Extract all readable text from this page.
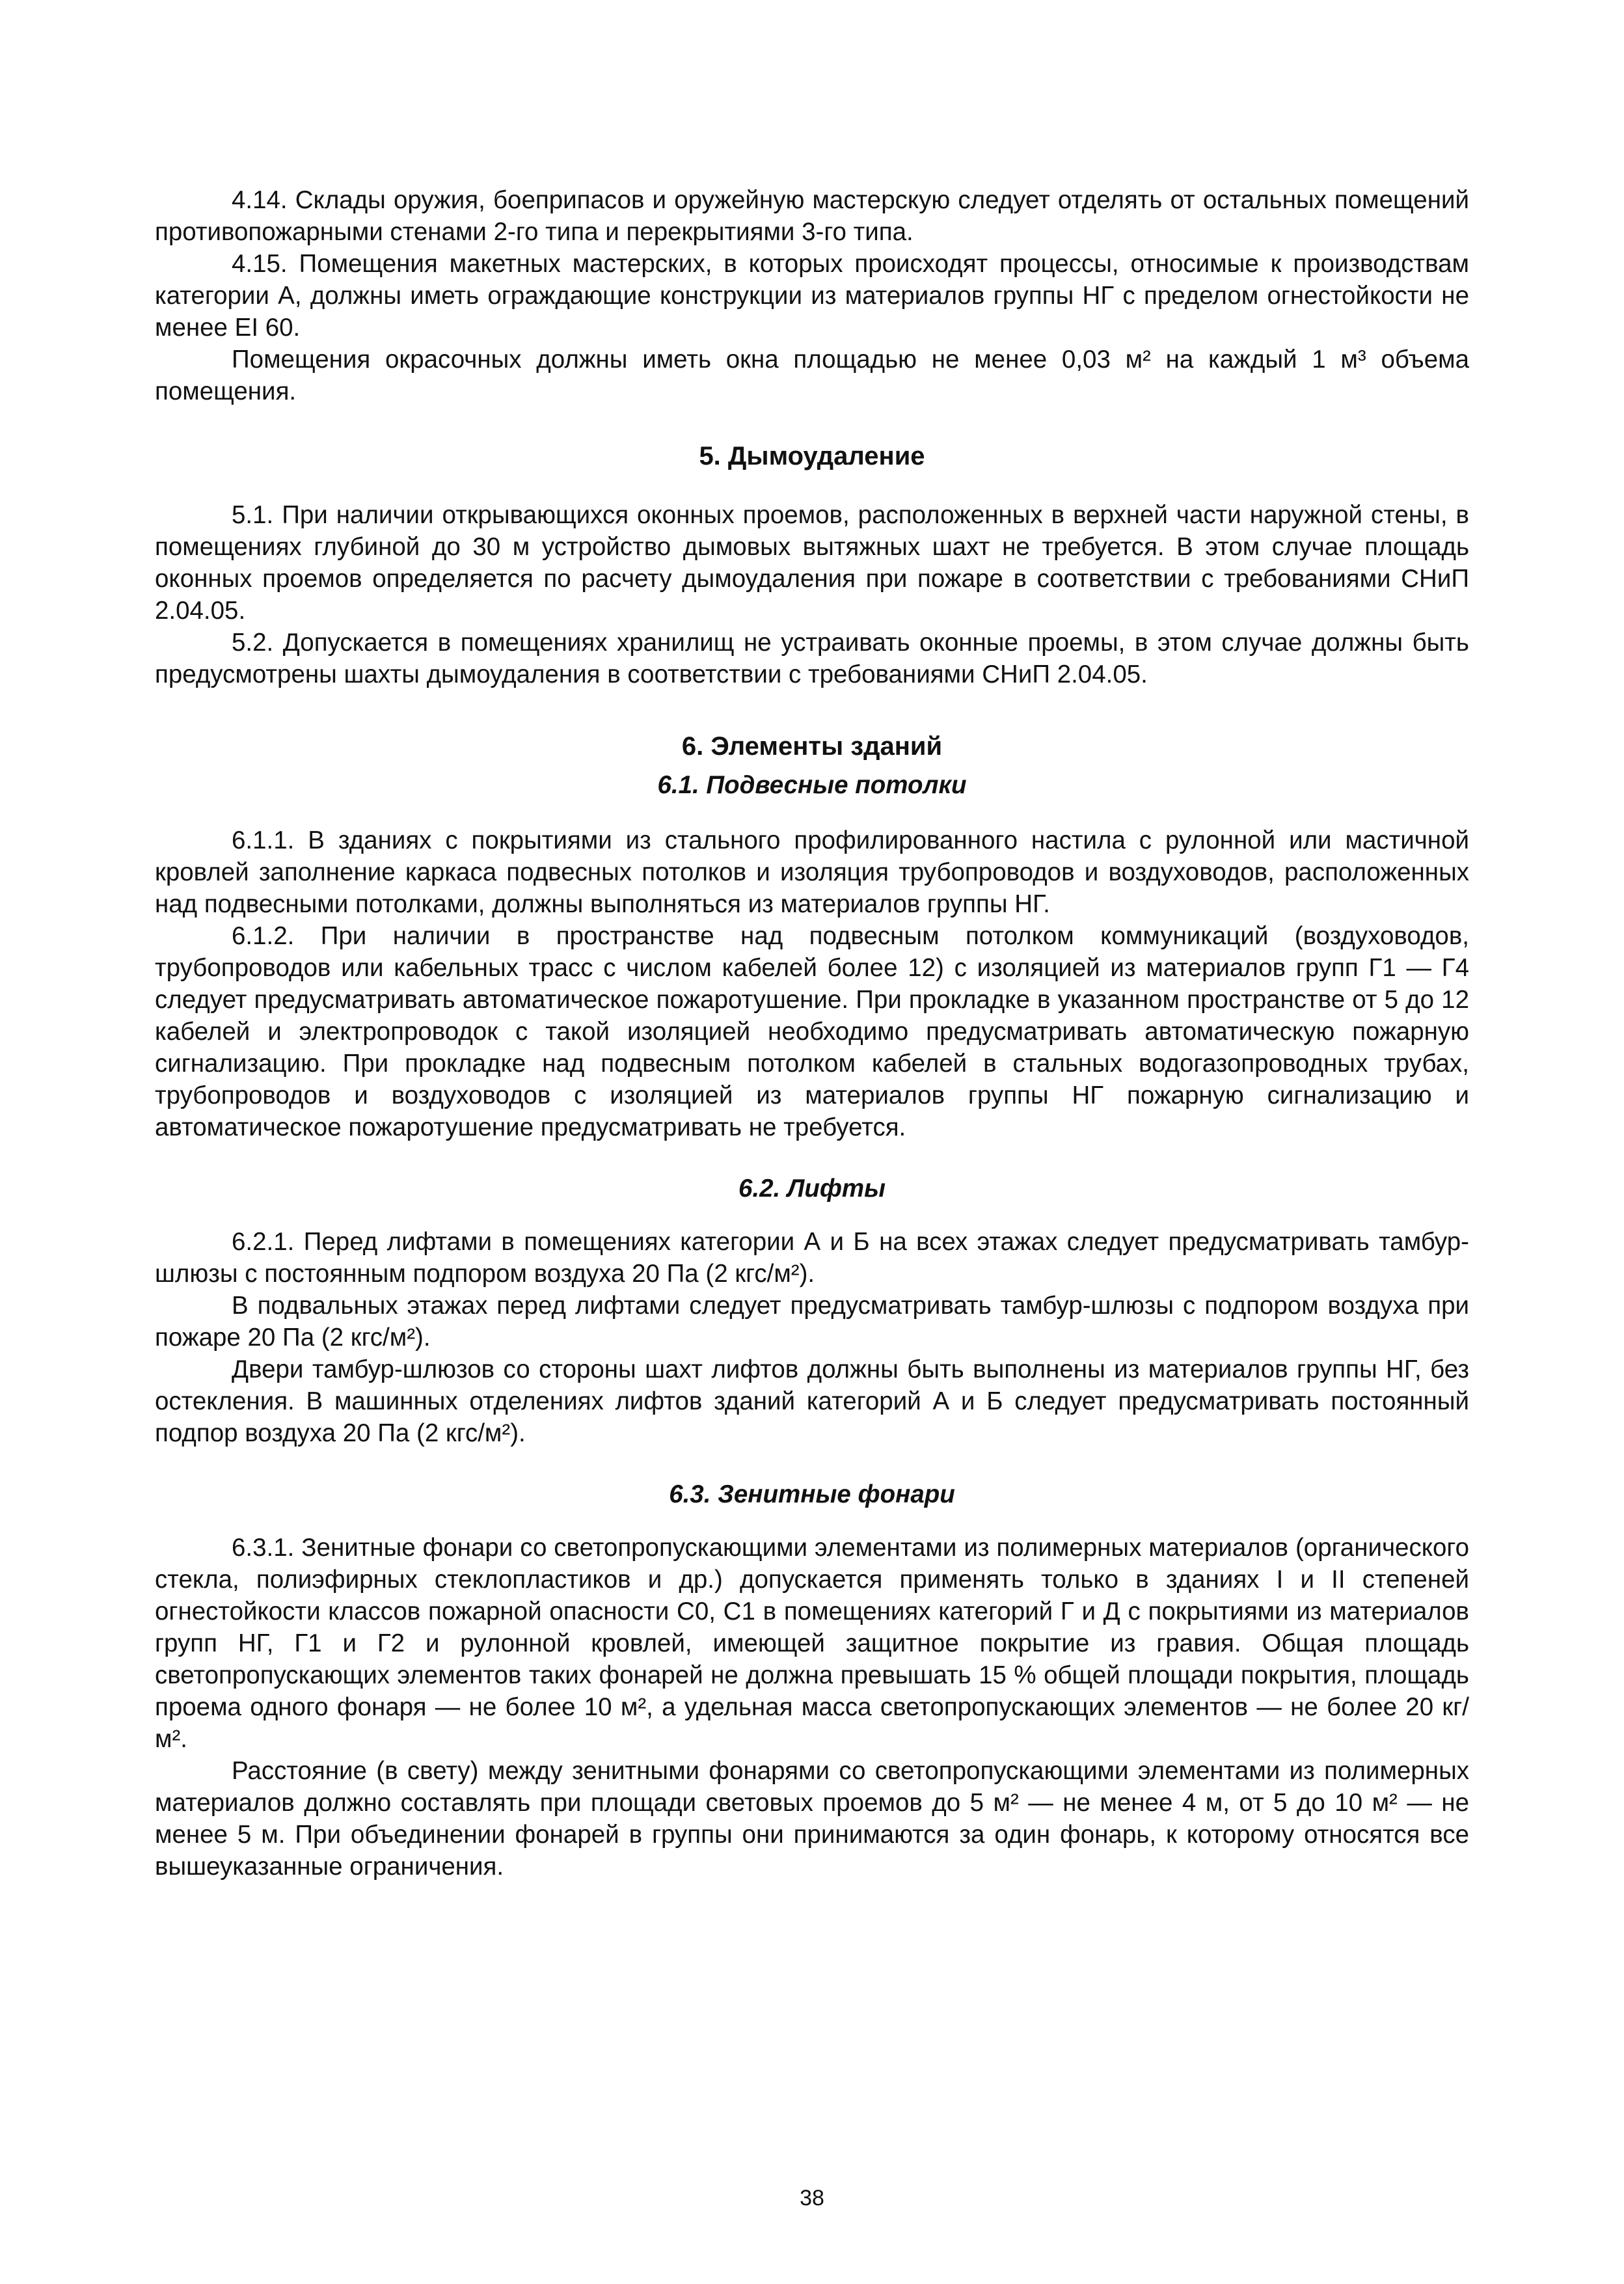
4.14. Склады оружия, боеприпасов и оружейную мастерскую следует отделять от остальных помещений противопожарными стенами 2-го типа и перекрытиями 3-го типа.

4.15. Помещения макетных мастерских, в которых происходят процессы, относимые к производствам категории А, должны иметь ограждающие конструкции из материалов группы НГ с пределом огнестойкости не менее EI 60.

Помещения окрасочных должны иметь окна площадью не менее 0,03 м² на каждый 1 м³ объема помещения.

5. Дымоудаление

5.1. При наличии открывающихся оконных проемов, расположенных в верхней части наружной стены, в помещениях глубиной до 30 м устройство дымовых вытяжных шахт не требуется. В этом случае площадь оконных проемов определяется по расчету дымоудаления при пожаре в соответствии с требованиями СНиП 2.04.05.

5.2. Допускается в помещениях хранилищ не устраивать оконные проемы, в этом случае должны быть предусмотрены шахты дымоудаления в соответствии с требованиями СНиП 2.04.05.

6. Элементы зданий
6.1. Подвесные потолки

6.1.1. В зданиях с покрытиями из стального профилированного настила с рулонной или мастичной кровлей заполнение каркаса подвесных потолков и изоляция трубопроводов и воздуховодов, расположенных над подвесными потолками, должны выполняться из материалов группы НГ.

6.1.2. При наличии в пространстве над подвесным потолком коммуникаций (воздуховодов, трубопроводов или кабельных трасс с числом кабелей более 12) с изоляцией из материалов групп Г1 — Г4 следует предусматривать автоматическое пожаротушение. При прокладке в указанном пространстве от 5 до 12 кабелей и электропроводок с такой изоляцией необходимо предусматривать автоматическую пожарную сигнализацию. При прокладке над подвесным потолком кабелей в стальных водогазопроводных трубах, трубопроводов и воздуховодов с изоляцией из материалов группы НГ пожарную сигнализацию и автоматическое пожаротушение предусматривать не требуется.

6.2. Лифты

6.2.1. Перед лифтами в помещениях категории А и Б на всех этажах следует предусматривать тамбур-шлюзы с постоянным подпором воздуха 20 Па (2 кгс/м²).

В подвальных этажах перед лифтами следует предусматривать тамбур-шлюзы с подпором воздуха при пожаре 20 Па (2 кгс/м²).

Двери тамбур-шлюзов со стороны шахт лифтов должны быть выполнены из материалов группы НГ, без остекления. В машинных отделениях лифтов зданий категорий А и Б следует предусматривать постоянный подпор воздуха 20 Па (2 кгс/м²).

6.3. Зенитные фонари

6.3.1. Зенитные фонари со светопропускающими элементами из полимерных материалов (органического стекла, полиэфирных стеклопластиков и др.) допускается применять только в зданиях I и II степеней огнестойкости классов пожарной опасности С0, С1 в помещениях категорий Г и Д с покрытиями из материалов групп НГ, Г1 и Г2 и рулонной кровлей, имеющей защитное покрытие из гравия. Общая площадь светопропускающих элементов таких фонарей не должна превышать 15 % общей площади покрытия, площадь проема одного фонаря — не более 10 м², а удельная масса светопропускающих элементов — не более 20 кг/м².

Расстояние (в свету) между зенитными фонарями со светопропускающими элементами из полимерных материалов должно составлять при площади световых проемов до 5 м² — не менее 4 м, от 5 до 10 м² — не менее 5 м. При объединении фонарей в группы они принимаются за один фонарь, к которому относятся все вышеуказанные ограничения.

38
